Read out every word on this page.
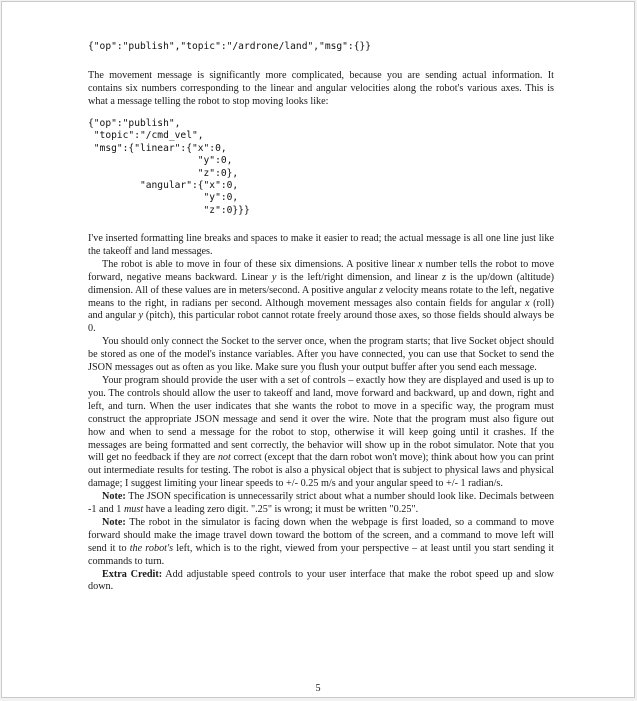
{"op":"publish","topic":"/ardrone/land","msg":{}}
The movement message is significantly more complicated, because you are sending actual information. It contains six numbers corresponding to the linear and angular velocities along the robot's various axes. This is what a message telling the robot to stop moving looks like:
{"op":"publish",
"topic":"/cmd_vel",
"msg":{"linear":{"x":0,
"y":0,
"z":0},
"angular":{"x":0,
"y":0,
"z":0}}}

I've inserted formatting line breaks and spaces to make it easier to read; the actual message is all one line just like the takeoff and land messages.

The robot is able to move in four of these six dimensions. A positive linear x number tells the robot to move forward, negative means backward. Linear y is the left/right dimension, and linear z is the up/down (altitude) dimension. All of these values are in meters/second. A positive angular z velocity means rotate to the left, negative means to the right, in radians per second. Although movement messages also contain fields for angular x (roll) and angular y (pitch), this particular robot cannot rotate freely around those axes, so those fields should always be 0.

You should only connect the Socket to the server once, when the program starts; that live Socket object should be stored as one of the model's instance variables. After you have connected, you can use that Socket to send the JSON messages out as often as you like. Make sure you flush your output buffer after you send each message.

Your program should provide the user with a set of controls – exactly how they are displayed and used is up to you. The controls should allow the user to takeoff and land, move forward and backward, up and down, right and left, and turn. When the user indicates that she wants the robot to move in a specific way, the program must construct the appropriate JSON message and send it over the wire. Note that the program must also figure out how and when to send a message for the robot to stop, otherwise it will keep going until it crashes. If the messages are being formatted and sent correctly, the behavior will show up in the robot simulator. Note that you will get no feedback if they are not correct (except that the darn robot won't move); think about how you can print out intermediate results for testing. The robot is also a physical object that is subject to physical laws and physical damage; I suggest limiting your linear speeds to +/- 0.25 m/s and your angular speed to +/- 1 radian/s.

Note: The JSON specification is unnecessarily strict about what a number should look like. Decimals between -1 and 1 must have a leading zero digit. ".25" is wrong; it must be written "0.25".

Note: The robot in the simulator is facing down when the webpage is first loaded, so a command to move forward should make the image travel down toward the bottom of the screen, and a command to move left will send it to the robot's left, which is to the right, viewed from your perspective – at least until you start sending it commands to turn.

Extra Credit: Add adjustable speed controls to your user interface that make the robot speed up and slow down.

5
